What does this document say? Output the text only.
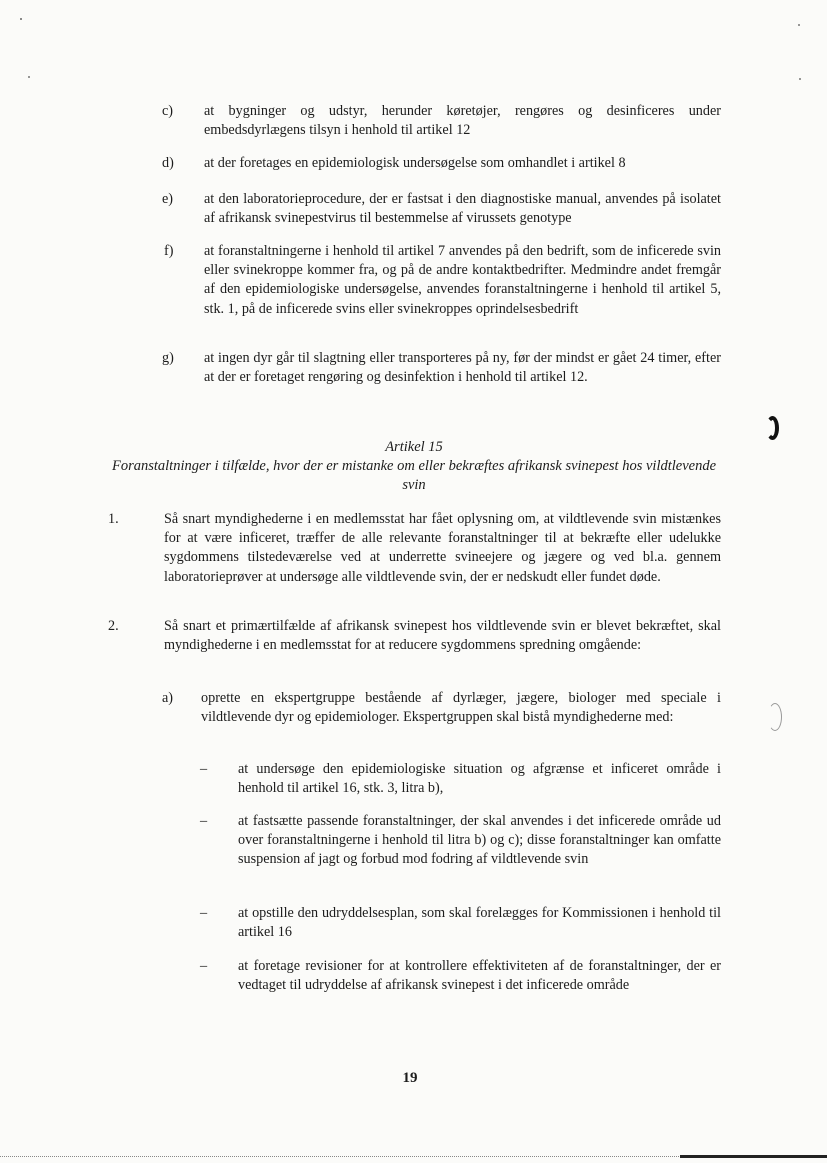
c) at bygninger og udstyr, herunder køretøjer, rengøres og desinficeres under embedsdyrlægens tilsyn i henhold til artikel 12
d) at der foretages en epidemiologisk undersøgelse som omhandlet i artikel 8
e) at den laboratorieprocedure, der er fastsat i den diagnostiske manual, anvendes på isolatet af afrikansk svinepestvirus til bestemmelse af virussets genotype
f) at foranstaltningerne i henhold til artikel 7 anvendes på den bedrift, som de inficerede svin eller svinekroppe kommer fra, og på de andre kontaktbedrifter. Medmindre andet fremgår af den epidemiologiske undersøgelse, anvendes foranstaltningerne i henhold til artikel 5, stk. 1, på de inficerede svins eller svinekroppes oprindelsesbedrift
g) at ingen dyr går til slagtning eller transporteres på ny, før der mindst er gået 24 timer, efter at der er foretaget rengøring og desinfektion i henhold til artikel 12.
Artikel 15
Foranstaltninger i tilfælde, hvor der er mistanke om eller bekræftes afrikansk svinepest hos vildtlevende svin
1.	Så snart myndighederne i en medlemsstat har fået oplysning om, at vildtlevende svin mistænkes for at være inficeret, træffer de alle relevante foranstaltninger til at bekræfte eller udelukke sygdommens tilstedeværelse ved at underrette svineejere og jægere og ved bl.a. gennem laboratorieprøver at undersøge alle vildtlevende svin, der er nedskudt eller fundet døde.
2.	Så snart et primærtilfælde af afrikansk svinepest hos vildtlevende svin er blevet bekræftet, skal myndighederne i en medlemsstat for at reducere sygdommens spredning omgående:
a) oprette en ekspertgruppe bestående af dyrlæger, jægere, biologer med speciale i vildtlevende dyr og epidemiologer. Ekspertgruppen skal bistå myndighederne med:
– at undersøge den epidemiologiske situation og afgrænse et inficeret område i henhold til artikel 16, stk. 3, litra b),
– at fastsætte passende foranstaltninger, der skal anvendes i det inficerede område ud over foranstaltningerne i henhold til litra b) og c); disse foranstaltninger kan omfatte suspension af jagt og forbud mod fodring af vildtlevende svin
– at opstille den udryddelsesplan, som skal forelægges for Kommissionen i henhold til artikel 16
– at foretage revisioner for at kontrollere effektiviteten af de foranstaltninger, der er vedtaget til udryddelse af afrikansk svinepest i det inficerede område
19
